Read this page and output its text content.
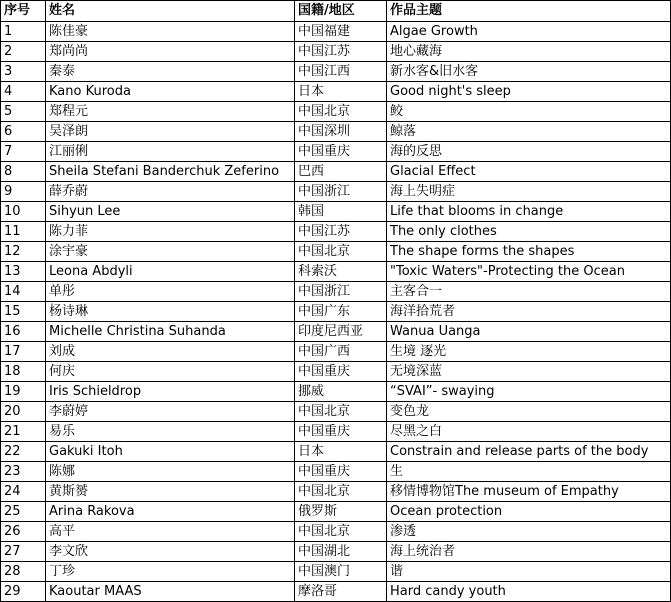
序号	姓名	国籍/地区	作品主题
1	陈佳豪	中国福建	Algae Growth
2	郑尚尚	中国江苏	地心藏海
3	秦泰	中国江西	新水客&旧水客
4	Kano Kuroda	日本	Good night's sleep
5	郑程元	中国北京	鲛
6	吴泽朗	中国深圳	鲸落
7	江丽俐	中国重庆	海的反思
8	Sheila Stefani Banderchuk Zeferino	巴西	Glacial Effect
9	薛乔蔚	中国浙江	海上失明症
10	Sihyun Lee	韩国	Life that blooms in change
11	陈力菲	中国江苏	The only clothes
12	涂宇豪	中国北京	The shape forms the shapes
13	Leona Abdyli	科索沃	"Toxic Waters"-Protecting the Ocean
14	单彤	中国浙江	主客合一
15	杨诗琳	中国广东	海洋拾荒者
16	Michelle Christina Suhanda	印度尼西亚	Wanua Uanga
17	刘成	中国广西	生境 逐光
18	何庆	中国重庆	无境深蓝
19	Iris Schieldrop	挪威	“SVAI”- swaying
20	李蔚婷	中国北京	变色龙
21	易乐	中国重庆	尽黑之白
22	Gakuki Itoh	日本	Constrain and release parts of the body
23	陈娜	中国重庆	生
24	黄斯赟	中国北京	移情博物馆The museum of Empathy
25	Arina Rakova	俄罗斯	Ocean protection
26	高平	中国北京	渗透
27	李文欣	中国湖北	海上统治者
28	丁珍	中国澳门	谐
29	Kaoutar MAAS	摩洛哥	Hard candy youth
